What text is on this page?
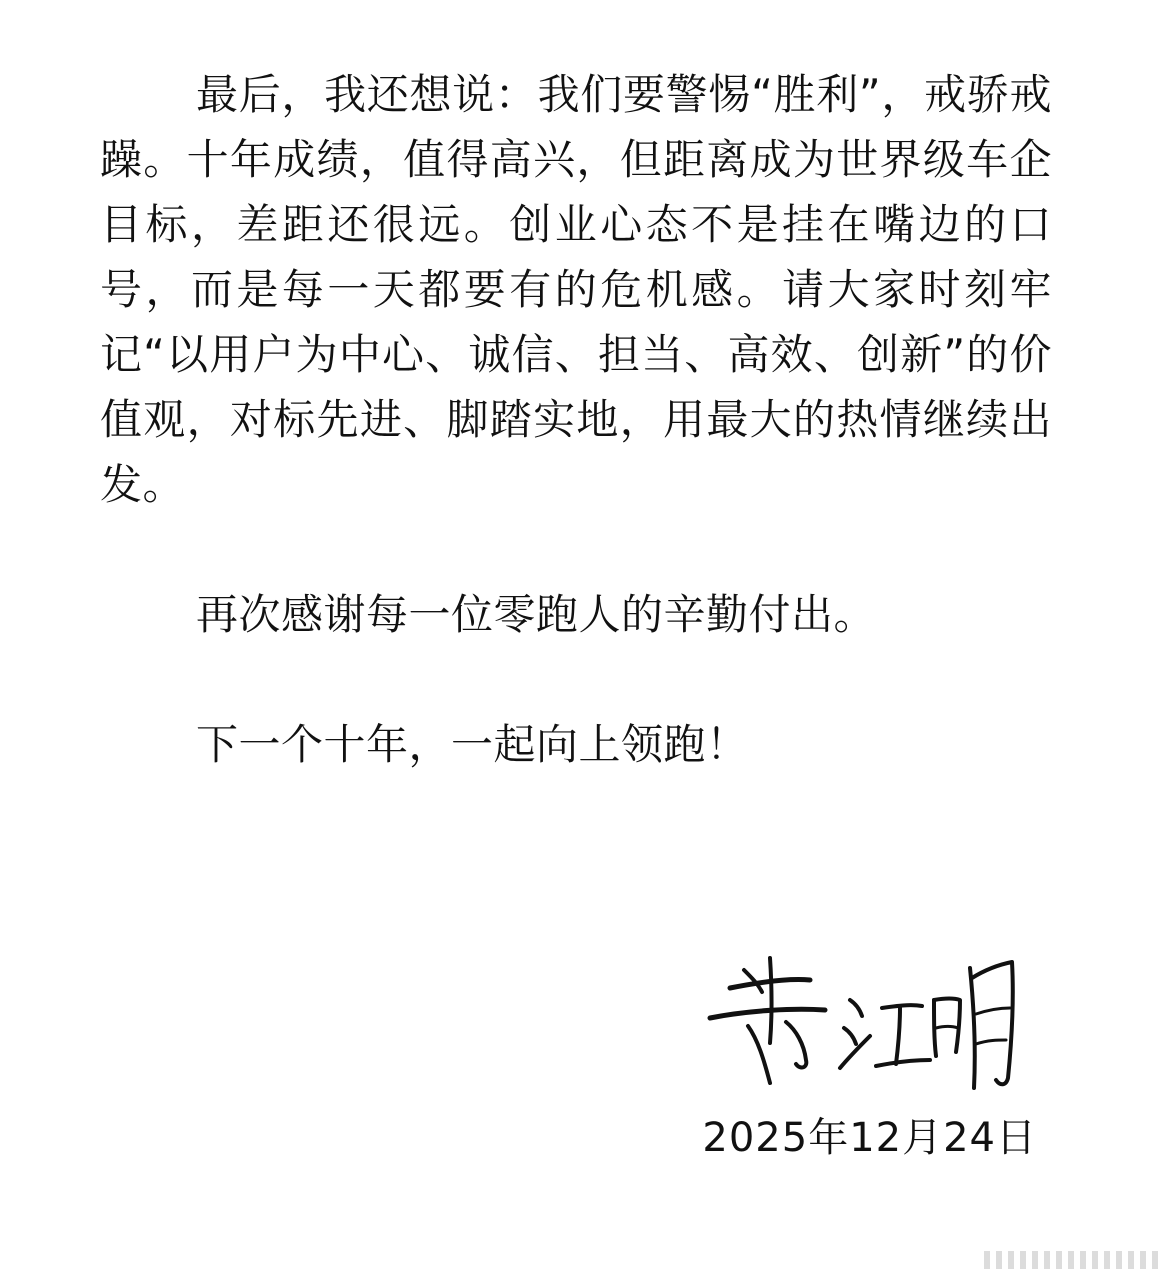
最后，我还想说：我们要警惕“胜利”，戒骄戒躁。十年成绩，值得高兴，但距离成为世界级车企目标，差距还很远。创业心态不是挂在嘴边的口号，而是每一天都要有的危机感。请大家时刻牢记“以用户为中心、诚信、担当、高效、创新”的价值观，对标先进、脚踏实地，用最大的热情继续出发。

再次感谢每一位零跑人的辛勤付出。

下一个十年，一起向上领跑！

2025年12月24日
